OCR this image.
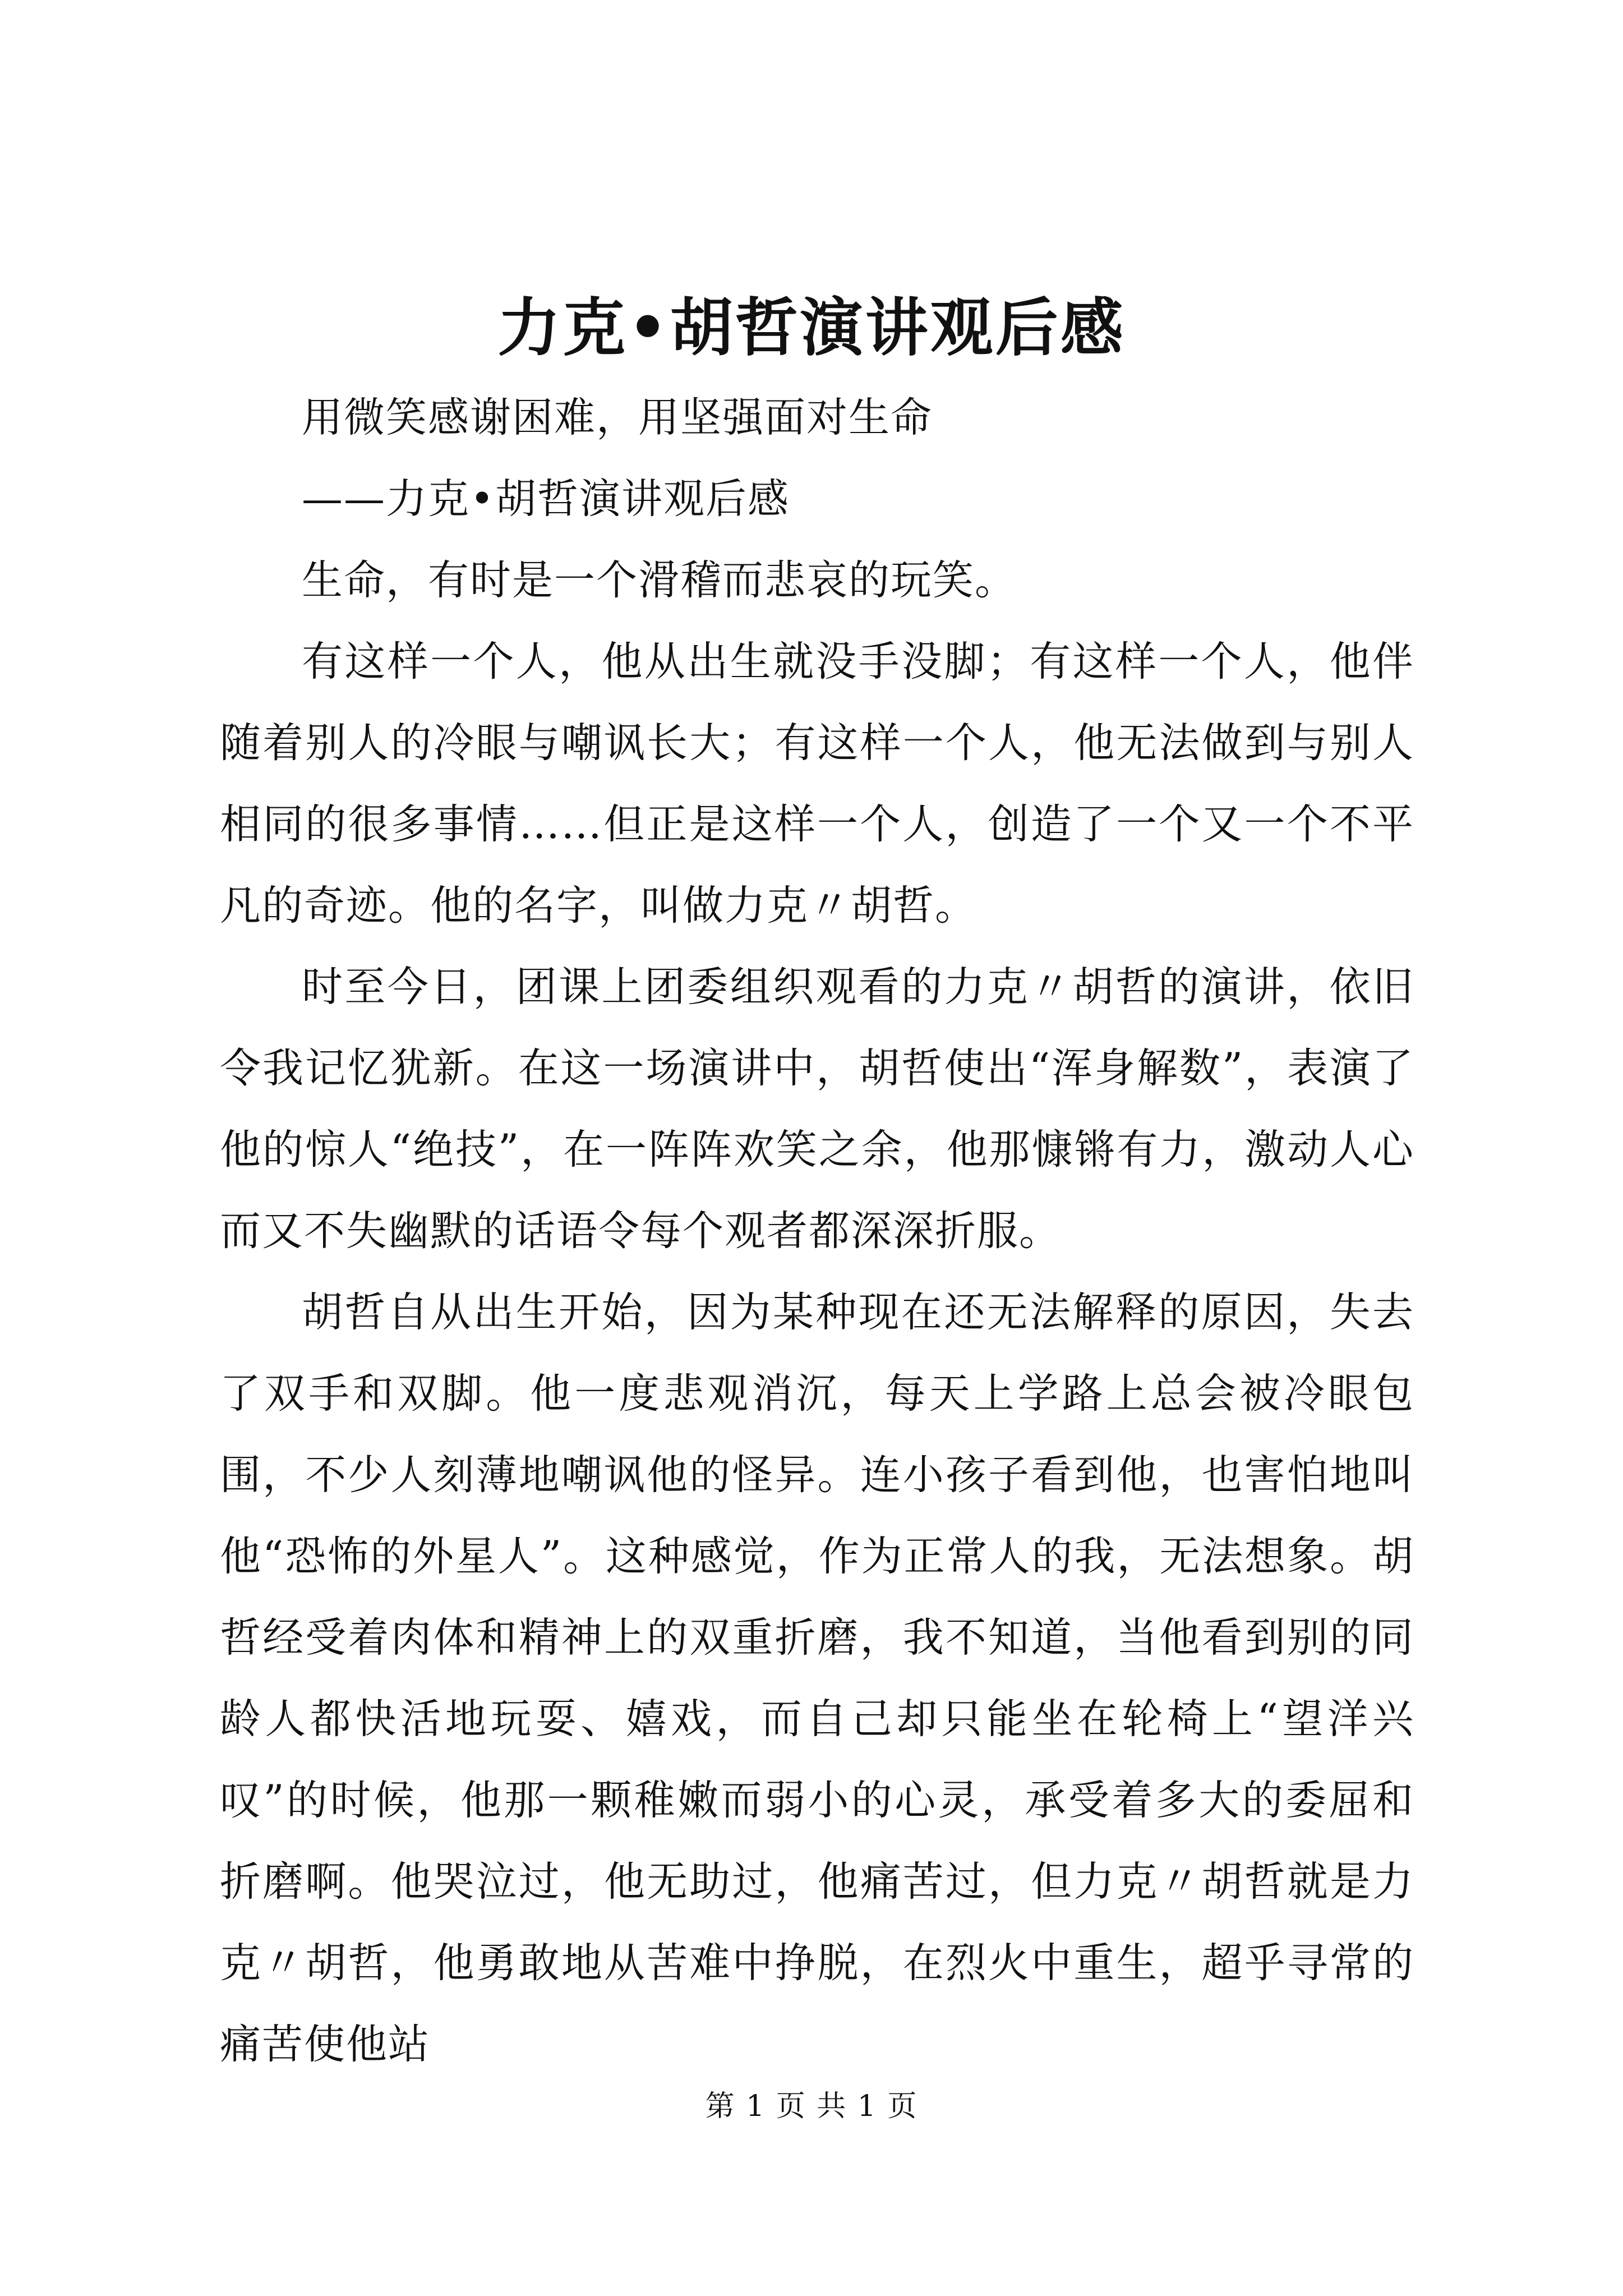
力克•胡哲演讲观后感

用微笑感谢困难，用坚强面对生命

——力克•胡哲演讲观后感

生命，有时是一个滑稽而悲哀的玩笑。

有这样一个人，他从出生就没手没脚；有这样一个人，他伴随着别人的冷眼与嘲讽长大；有这样一个人，他无法做到与别人相同的很多事情……但正是这样一个人，创造了一个又一个不平凡的奇迹。他的名字，叫做力克〃胡哲。

时至今日，团课上团委组织观看的力克〃胡哲的演讲，依旧令我记忆犹新。在这一场演讲中，胡哲使出“浑身解数”，表演了他的惊人“绝技”，在一阵阵欢笑之余，他那慷锵有力，激动人心而又不失幽默的话语令每个观者都深深折服。

胡哲自从出生开始，因为某种现在还无法解释的原因，失去了双手和双脚。他一度悲观消沉，每天上学路上总会被冷眼包围，不少人刻薄地嘲讽他的怪异。连小孩子看到他，也害怕地叫他“恐怖的外星人”。这种感觉，作为正常人的我，无法想象。胡哲经受着肉体和精神上的双重折磨，我不知道，当他看到别的同龄人都快活地玩耍、嬉戏，而自己却只能坐在轮椅上“望洋兴叹”的时候，他那一颗稚嫩而弱小的心灵，承受着多大的委屈和折磨啊。他哭泣过，他无助过，他痛苦过，但力克〃胡哲就是力克〃胡哲，他勇敢地从苦难中挣脱，在烈火中重生，超乎寻常的痛苦使他站

第 1 页 共 1 页
